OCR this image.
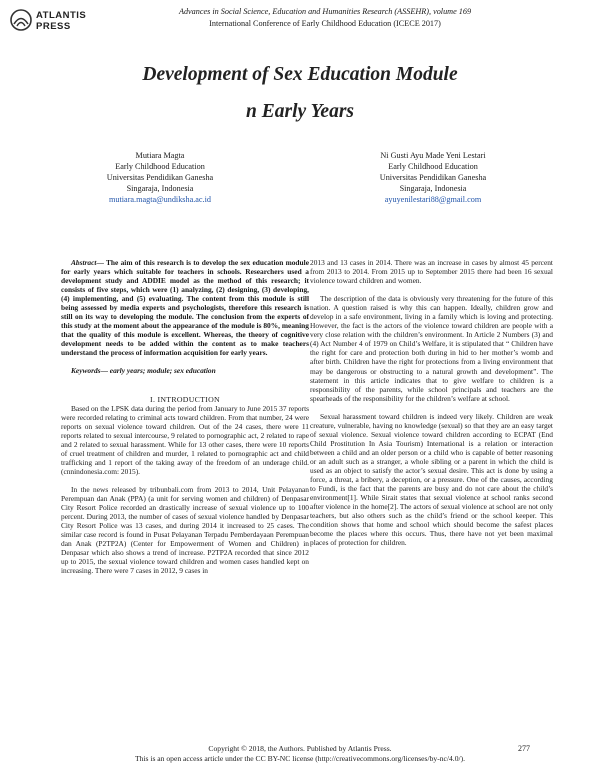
ATLANTIS
PRESS
Advances in Social Science, Education and Humanities Research (ASSEHR), volume 169
International Conference of Early Childhood Education (ICECE 2017)
Development of Sex Education Module
n Early Years
Mutiara Magta
Early Childhood Education
Universitas Pendidikan Ganesha
Singaraja, Indonesia
mutiara.magta@undiksha.ac.id
Ni Gusti Ayu Made Yeni Lestari
Early Childhood Education
Universitas Pendidikan Ganesha
Singaraja, Indonesia
ayuyenilestari88@gmail.com

Abstract— The aim of this research is to develop the sex education module for early years which suitable for teachers in schools. Researchers used a development study and ADDIE model as the method of this research; it consists of five steps, which were (1) analyzing, (2) designing, (3) developing, (4) implementing, and (5) evaluating. The content from this module is still being assessed by media experts and psychologists, therefore this research is still on its way to developing the module. The conclusion from the experts of this study at the moment about the appearance of the module is 80%, meaning that the quality of this module is excellent. Whereas, the theory of cognitive development needs to be added within the content as to make teachers understand the process of information acquisition for early years.

Keywords— early years; module; sex education

I. INTRODUCTION

Based on the LPSK data during the period from January to June 2015 37 reports were recorded relating to criminal acts toward children. From that number, 24 were reports on sexual violence toward children. Out of the 24 cases, there were 11 reports related to sexual intercourse, 9 related to pornographic act, 2 related to rape and 2 related to sexual harassment. While for 13 other cases, there were 10 reports of cruel treatment of children and murder, 1 related to pornographic act and child trafficking and 1 report of the taking away of the freedom of an underage child. (cnnindonesia.com: 2015).

In the news released by tribunbali.com from 2013 to 2014, Unit Pelayanan Perempuan dan Anak (PPA) (a unit for serving women and children) of Denpasar City Resort Police recorded an drastically increase of sexual violence up to 100 percent. During 2013, the number of cases of sexual violence handled by Denpasar City Resort Police was 13 cases, and during 2014 it increased to 25 cases. The similar case record is found in Pusat Pelayanan Terpadu Pemberdayaan Perempuan dan Anak (P2TP2A) (Center for Empowerment of Women and Children) in Denpasar which also shows a trend of increase. P2TP2A recorded that since 2012 up to 2015, the sexual violence toward children and women cases handled kept on increasing. There were 7 cases in 2012, 9 cases in

2013 and 13 cases in 2014. There was an increase in cases by almost 45 percent from 2013 to 2014. From 2015 up to September 2015 there had been 16 sexual violence toward children and women.

The description of the data is obviously very threatening for the future of this nation. A question raised is why this can happen. Ideally, children grow and develop in a safe environment, living in a family which is loving and protecting. However, the fact is the actors of the violence toward children are people with a very close relation with the children’s environment. In Article 2 Numbers (3) and (4) Act Number 4 of 1979 on Child’s Welfare, it is stipulated that “ Children have the right for care and protection both during in hid to her mother’s womb and after birth. Children have the right for protections from a living environment that may be dangerous or obstructing to a natural growth and development”. The statement in this article indicates that to give welfare to children is a responsibility of the parents, while school principals and teachers are the spearheads of the responsibility for the children’s welfare at school.

Sexual harassment toward children is indeed very likely. Children are weak creature, vulnerable, having no knowledge (sexual) so that they are an easy target of sexual violence. Sexual violence toward children according to ECPAT (End Child Prostitution In Asia Tourism) International is a relation or interaction between a child and an older person or a child who is capable of better reasoning or an adult such as a stranger, a whole sibling or a parent in which the child is used as an object to satisfy the actor’s sexual desire. This act is done by using a force, a threat, a bribery, a deception, or a pressure. One of the causes, according to Fundi, is the fact that the parents are busy and do not care about the child’s environment[1]. While Sirait states that sexual violence at school ranks second after violence in the home[2]. The actors of sexual violence at school are not only teachers, but also others such as the child’s friend or the school keeper. This condition shows that home and school which should become the safest places become the places where this occurs. Thus, there have not yet been maximal places of protection for children.

Copyright © 2018, the Authors. Published by Atlantis Press.
This is an open access article under the CC BY-NC license (http://creativecommons.org/licenses/by-nc/4.0/).
277
